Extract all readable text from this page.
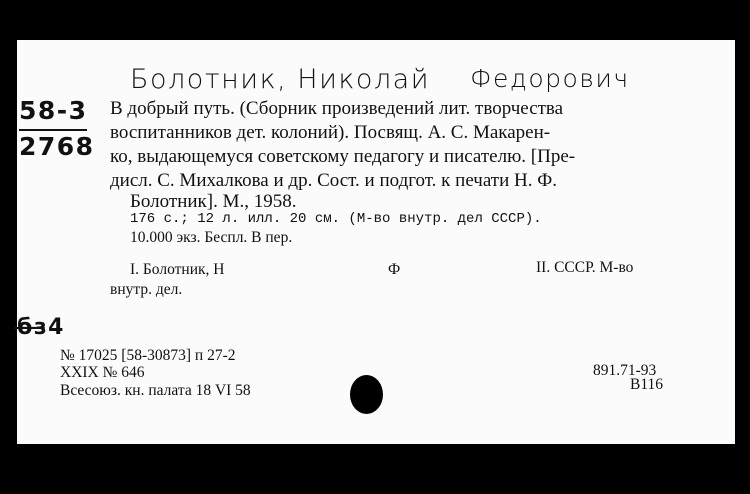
Болотник, Николай Федорович
58-3
2768
В добрый путь. (Сборник произведений лит. творчества
воспитанников дет. колоний). Посвящ. А. С. Макарен-
ко, выдающемуся советскому педагогу и писателю. [Пре-
дисл. С. Михалкова и др. Сост. и подгот. к печати Н. Ф.
Болотник]. М., 1958.
176 с.; 12 л. илл. 20 см. (М-во внутр. дел СССР).
10.000 экз. Беспл. В пер.
I. Болотник, Н	Ф	II. СССР. М-во
внутр. дел.
б̶з̶4
№ 17025 [58-30873] п 27-2
XXIX № 646
Всесоюз. кн. палата 18 VI 58
891.71-93
В116
